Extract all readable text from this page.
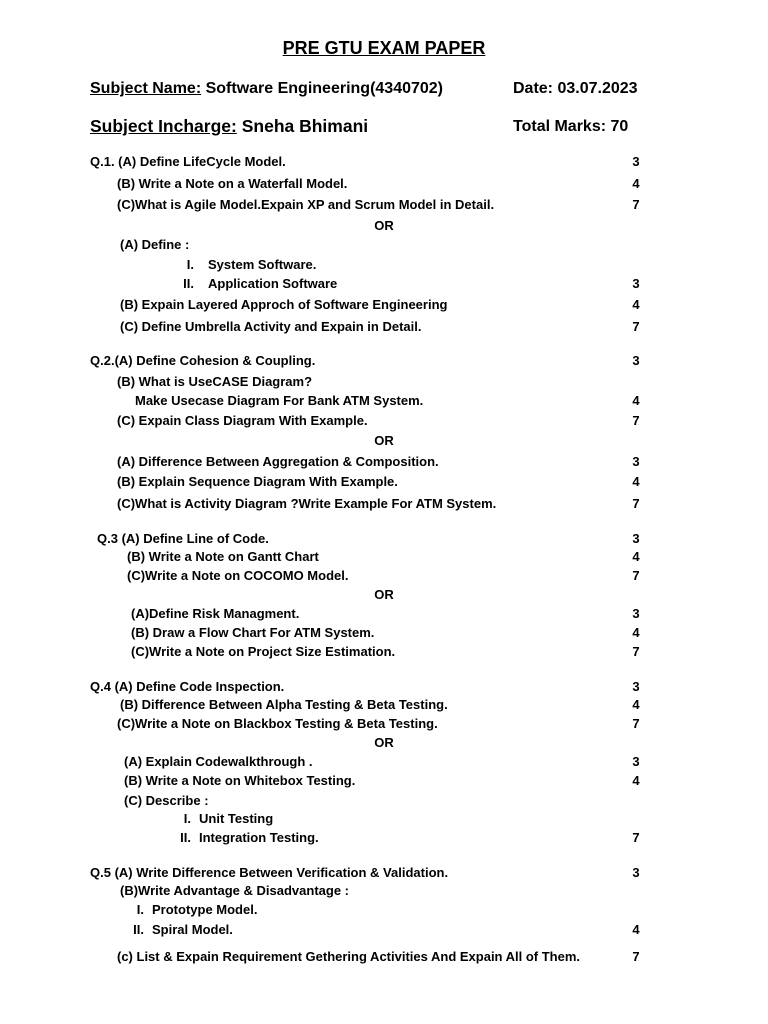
PRE GTU EXAM PAPER
Subject Name: Software Engineering(4340702)	Date: 03.07.2023
Subject Incharge: Sneha Bhimani	Total Marks: 70
Q.1. (A) Define LifeCycle Model.	3
(B) Write a Note on a Waterfall Model.	4
(C)What is Agile Model.Expain XP and Scrum Model in Detail.	7
OR
(A) Define :
I. System Software.
II. Application Software	3
(B) Expain Layered Approch of Software Engineering	4
(C) Define Umbrella Activity and Expain in Detail.	7
Q.2.(A) Define Cohesion & Coupling.	3
(B) What is UseCASE Diagram?
Make Usecase Diagram For Bank ATM System.	4
(C) Expain Class Diagram With Example.	7
OR
(A) Difference Between Aggregation & Composition.	3
(B) Explain Sequence Diagram With Example.	4
(C)What is Activity Diagram ?Write Example For ATM System.	7
Q.3 (A) Define Line of Code.	3
(B) Write a Note on Gantt Chart	4
(C)Write a Note on COCOMO Model.	7
OR
(A)Define Risk Managment.	3
(B) Draw a Flow Chart For ATM System.	4
(C)Write a Note on Project Size Estimation.	7
Q.4 (A) Define Code Inspection.	3
(B) Difference Between Alpha Testing & Beta Testing.	4
(C)Write a Note on Blackbox Testing & Beta Testing.	7
OR
(A) Explain Codewalkthrough .	3
(B) Write a Note on Whitebox Testing.	4
(C) Describe :
I. Unit Testing
II. Integration Testing.	7
Q.5 (A) Write Difference Between Verification & Validation.	3
(B)Write Advantage & Disadvantage :
I. Prototype Model.
II. Spiral Model.	4
(c) List & Expain Requirement Gethering Activities And Expain All of Them.	7
